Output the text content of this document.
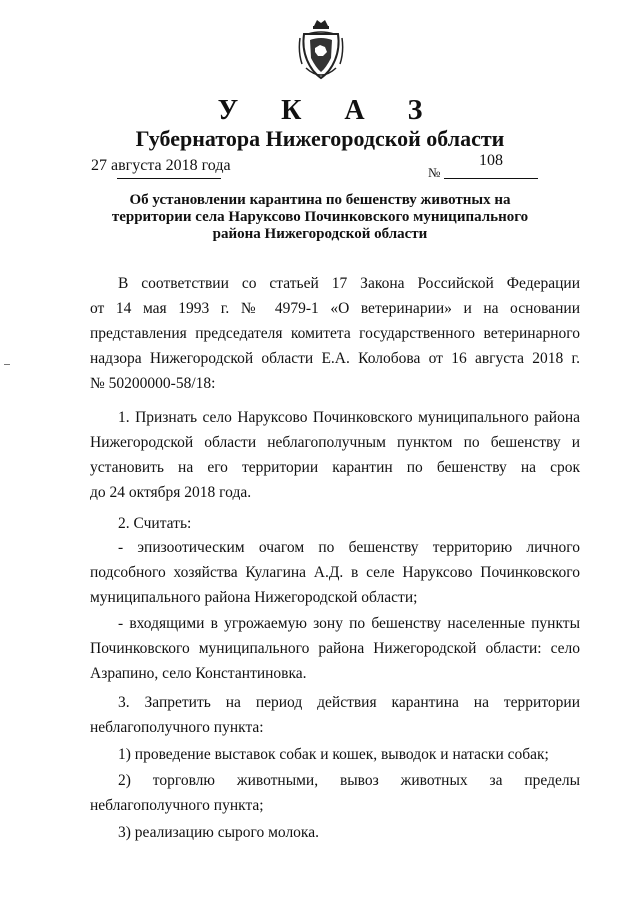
У К А З
Губернатора Нижегородской области
27 августа 2018 года	№
108
Об установлении карантина по бешенству животных на
территории села Наруксово Починковского муниципального
района Нижегородской области
В соответствии со статьей 17 Закона Российской Федерации
от 14 мая 1993 г. № 4979-1 «О ветеринарии» и на основании
представления председателя комитета государственного ветеринарного
надзора Нижегородской области Е.А. Колобова от 16 августа 2018 г.
№ 50200000-58/18:
1. Признать село Наруксово Починковского муниципального района
Нижегородской области неблагополучным пунктом по бешенству и
установить на его территории карантин по бешенству на срок
до 24 октября 2018 года.
2. Считать:
- эпизоотическим очагом по бешенству территорию личного
подсобного хозяйства Кулагина А.Д. в селе Наруксово Починковского
муниципального района Нижегородской области;
- входящими в угрожаемую зону по бешенству населенные пункты
Починковского муниципального района Нижегородской области: село
Азрапино, село Константиновка.
3. Запретить на период действия карантина на территории
неблагополучного пункта:
1) проведение выставок собак и кошек, выводок и натаски собак;
2) торговлю животными, вывоз животных за пределы
неблагополучного пункта;
3) реализацию сырого молока.
